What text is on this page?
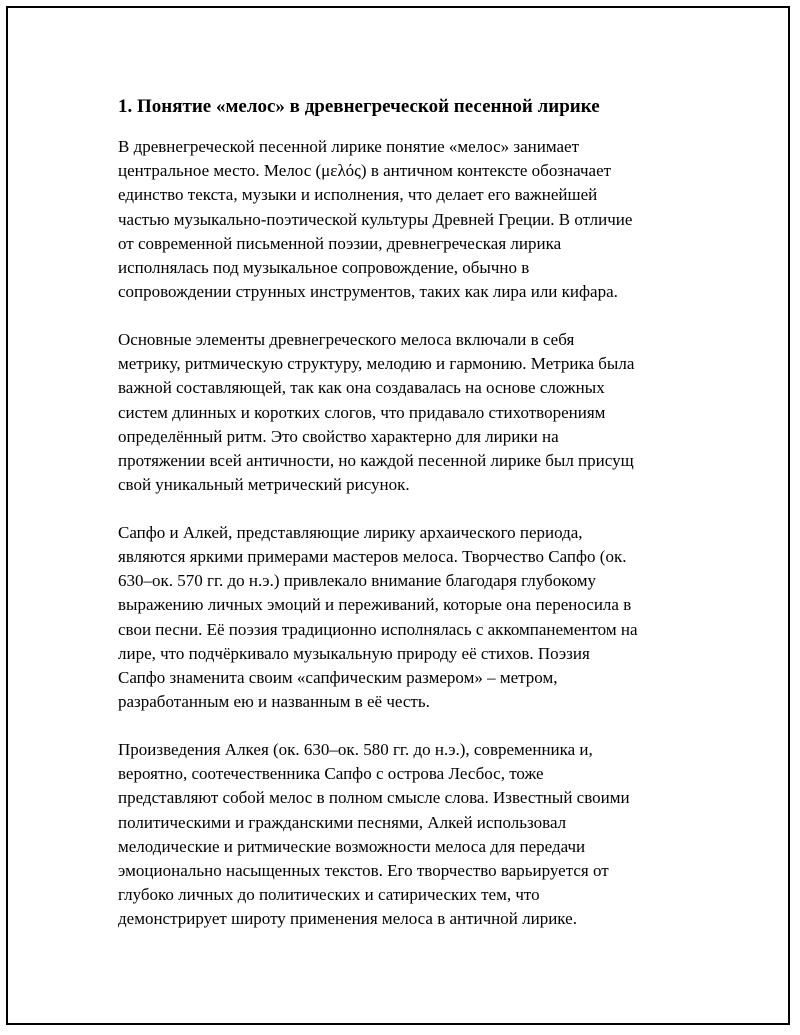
1. Понятие «мелос» в древнегреческой песенной лирике

В древнегреческой песенной лирике понятие «мелос» занимает
центральное место. Мелос (μελός) в античном контексте обозначает
единство текста, музыки и исполнения, что делает его важнейшей
частью музыкально-поэтической культуры Древней Греции. В отличие
от современной письменной поэзии, древнегреческая лирика
исполнялась под музыкальное сопровождение, обычно в
сопровождении струнных инструментов, таких как лира или кифара.

Основные элементы древнегреческого мелоса включали в себя
метрику, ритмическую структуру, мелодию и гармонию. Метрика была
важной составляющей, так как она создавалась на основе сложных
систем длинных и коротких слогов, что придавало стихотворениям
определённый ритм. Это свойство характерно для лирики на
протяжении всей античности, но каждой песенной лирике был присущ
свой уникальный метрический рисунок.

Сапфо и Алкей, представляющие лирику архаического периода,
являются яркими примерами мастеров мелоса. Творчество Сапфо (ок.
630–ок. 570 гг. до н.э.) привлекало внимание благодаря глубокому
выражению личных эмоций и переживаний, которые она переносила в
свои песни. Её поэзия традиционно исполнялась с аккомпанементом на
лире, что подчёркивало музыкальную природу её стихов. Поэзия
Сапфо знаменита своим «сапфическим размером» – метром,
разработанным ею и названным в её честь.

Произведения Алкея (ок. 630–ок. 580 гг. до н.э.), современника и,
вероятно, соотечественника Сапфо с острова Лесбос, тоже
представляют собой мелос в полном смысле слова. Известный своими
политическими и гражданскими песнями, Алкей использовал
мелодические и ритмические возможности мелоса для передачи
эмоционально насыщенных текстов. Его творчество варьируется от
глубоко личных до политических и сатирических тем, что
демонстрирует широту применения мелоса в античной лирике.
